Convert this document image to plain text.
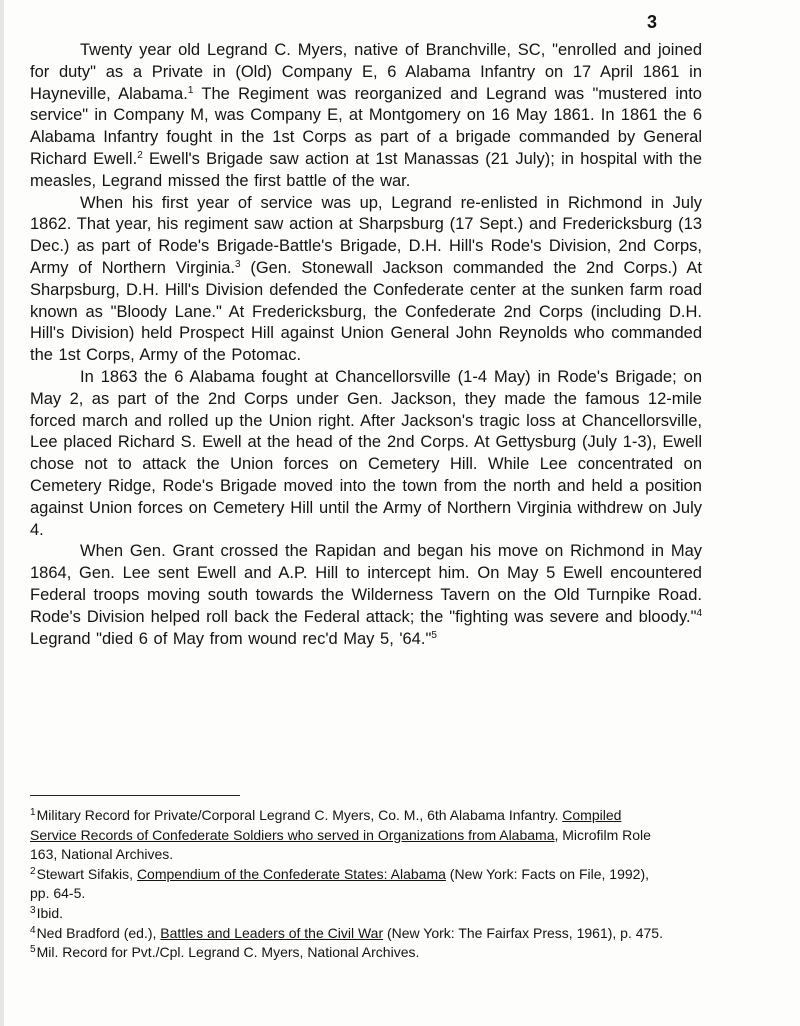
3

Twenty year old Legrand C. Myers, native of Branchville, SC, "enrolled and joined for duty" as a Private in (Old) Company E, 6 Alabama Infantry on 17 April 1861 in Hayneville, Alabama.$^1$ The Regiment was reorganized and Legrand was "mustered into service" in Company M, was Company E, at Montgomery on 16 May 1861. In 1861 the 6 Alabama Infantry fought in the 1st Corps as part of a brigade commanded by General Richard Ewell.$^2$ Ewell's Brigade saw action at 1st Manassas (21 July); in hospital with the measles, Legrand missed the first battle of the war.

When his first year of service was up, Legrand re-enlisted in Richmond in July 1862. That year, his regiment saw action at Sharpsburg (17 Sept.) and Fredericksburg (13 Dec.) as part of Rode's Brigade-Battle's Brigade, D.H. Hill's Rode's Division, 2nd Corps, Army of Northern Virginia.$^3$ (Gen. Stonewall Jackson commanded the 2nd Corps.) At Sharpsburg, D.H. Hill's Division defended the Confederate center at the sunken farm road known as "Bloody Lane." At Fredericksburg, the Confederate 2nd Corps (including D.H. Hill's Division) held Prospect Hill against Union General John Reynolds who commanded the 1st Corps, Army of the Potomac.

In 1863 the 6 Alabama fought at Chancellorsville (1-4 May) in Rode's Brigade; on May 2, as part of the 2nd Corps under Gen. Jackson, they made the famous 12-mile forced march and rolled up the Union right. After Jackson's tragic loss at Chancellorsville, Lee placed Richard S. Ewell at the head of the 2nd Corps. At Gettysburg (July 1-3), Ewell chose not to attack the Union forces on Cemetery Hill. While Lee concentrated on Cemetery Ridge, Rode's Brigade moved into the town from the north and held a position against Union forces on Cemetery Hill until the Army of Northern Virginia withdrew on July 4.

When Gen. Grant crossed the Rapidan and began his move on Richmond in May 1864, Gen. Lee sent Ewell and A.P. Hill to intercept him. On May 5 Ewell encountered Federal troops moving south towards the Wilderness Tavern on the Old Turnpike Road. Rode's Division helped roll back the Federal attack; the "fighting was severe and bloody."$^4$ Legrand "died 6 of May from wound rec'd May 5, '64."$^5$

$^1$Military Record for Private/Corporal Legrand C. Myers, Co. M., 6th Alabama Infantry. Compiled Service Records of Confederate Soldiers who served in Organizations from Alabama, Microfilm Role 163, National Archives.
$^2$Stewart Sifakis, Compendium of the Confederate States: Alabama (New York: Facts on File, 1992), pp. 64-5.
$^3$Ibid.
$^4$Ned Bradford (ed.), Battles and Leaders of the Civil War (New York: The Fairfax Press, 1961), p. 475.
$^5$Mil. Record for Pvt./Cpl. Legrand C. Myers, National Archives.
